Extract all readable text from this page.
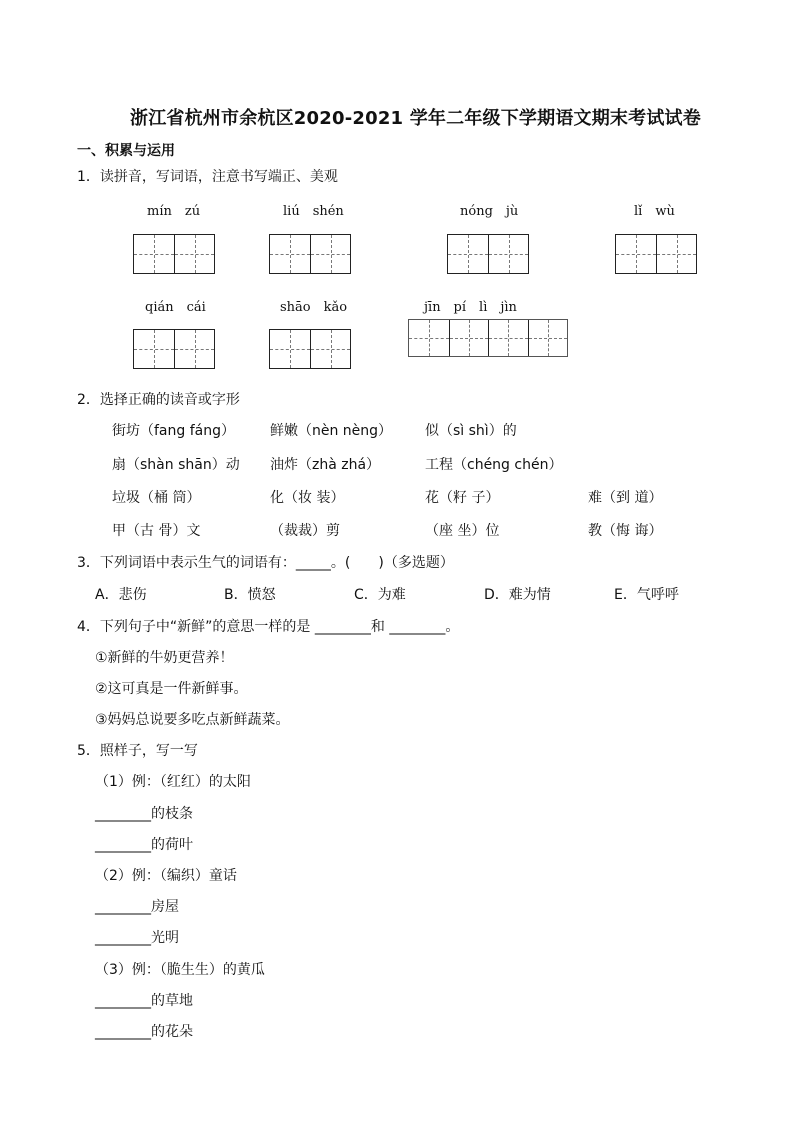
浙江省杭州市余杭区2020-2021 学年二年级下学期语文期末考试试卷
一、积累与运用
1．读拼音，写词语，注意书写端正、美观
mín　zú	liú　shén	nóng　jù	lǐ　wù
qián　cái	shāo　kǎo	jīn　pí　lì　jìn
2．选择正确的读音或字形
街坊（fang fáng）	鲜嫩（nèn nèng） 似（sì shì）的
扇（shàn shān）动 油炸（zhà zhá）	工程（chéng chén）
垃圾（桶 筒）	化（妆 装）	花（籽 子）	难（到 道）
甲（古 骨）文	（裁裁）剪	（座 坐）位	教（悔 诲）
3．下列词语中表示生气的词语有：_____。(　　)（多选题）
A．悲伤	B．愤怒	C．为难	D．难为情	E．气呼呼
4．下列句子中“新鲜”的意思一样的是 ________和 ________。
①新鲜的牛奶更营养！
②这可真是一件新鲜事。
③妈妈总说要多吃点新鲜蔬菜。
5．照样子，写一写
（1）例：（红红）的太阳
________的枝条
________的荷叶
（2）例：（编织）童话
________房屋
________光明
（3）例：（脆生生）的黄瓜
________的草地
________的花朵
